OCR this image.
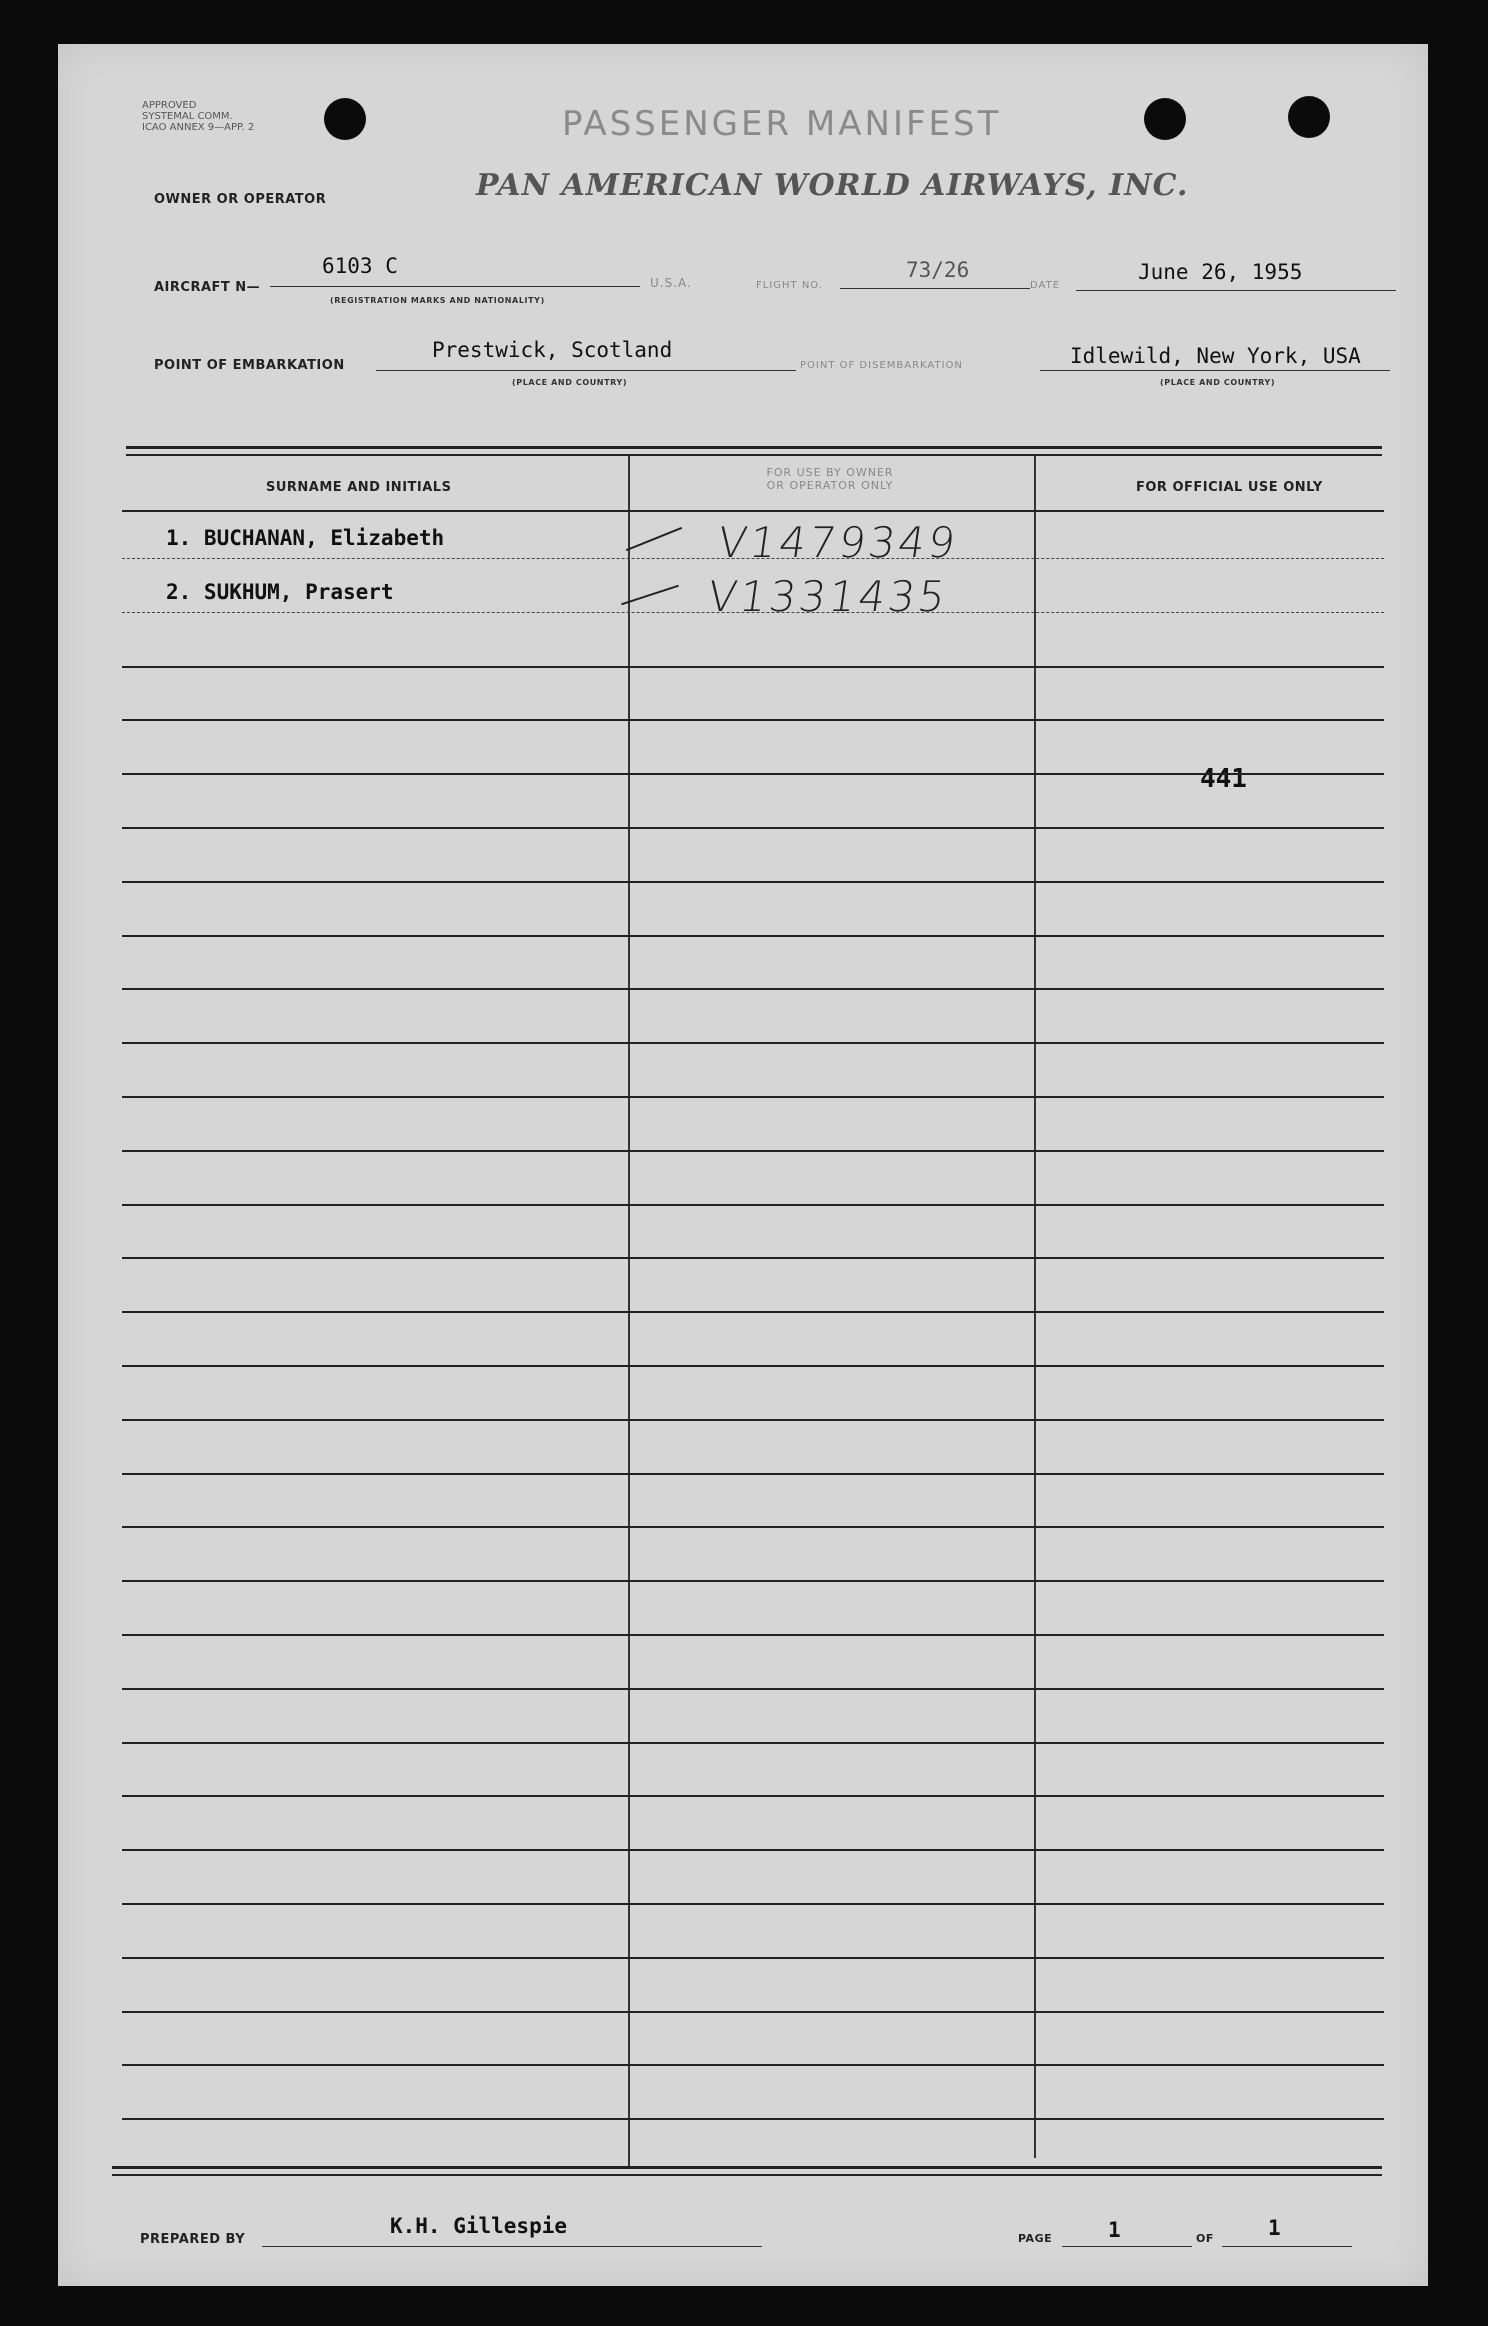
APPROVED
SYSTEMAL COMM.
ICAO ANNEX 9—APP. 2	PASSENGER MANIFEST
OWNER OR OPERATOR	PAN AMERICAN WORLD AIRWAYS, INC.
AIRCRAFT N—
6103 C
(REGISTRATION MARKS AND NATIONALITY)
U.S.A.	FLIGHT NO.
73/26
DATE
June 26, 1955
POINT OF EMBARKATION
Prestwick, Scotland
(PLACE AND COUNTRY)
POINT OF DISEMBARKATION	Idlewild, New York, USA
(PLACE AND COUNTRY)
SURNAME AND INITIALS
FOR USE BY OWNER
OR OPERATOR ONLY	FOR OFFICIAL USE ONLY
1. BUCHANAN, Elizabeth	V1479349
2. SUKHUM, Prasert	V1331435
441
PREPARED BY
K.H. Gillespie
PAGE	1	OF	1
